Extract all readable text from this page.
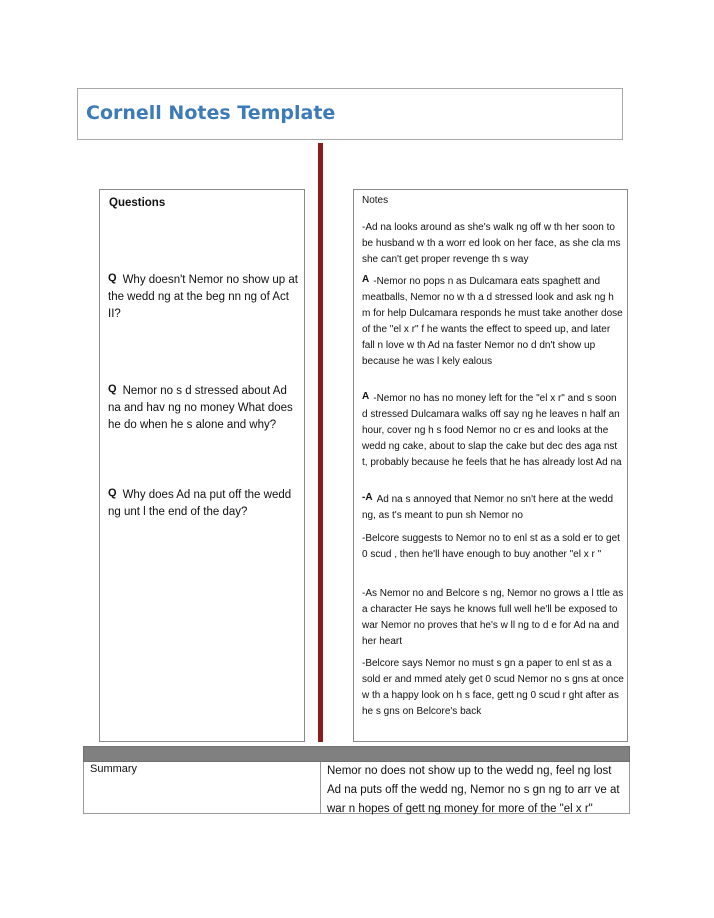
Cornell Notes Template
Questions
Q Why doesn't Nemor no show up at the wedd ng at the beg nn ng of Act II?
Q Nemor no s d stressed about Ad na and hav ng no money What does he do when he s alone and why?
Q Why does Ad na put off the wedd ng unt l the end of the day?
Notes
-Ad na looks around as she's walk ng off w th her soon to be husband w th a worr ed look on her face, as she cla ms she can't get proper revenge th s way
A -Nemor no pops n as Dulcamara eats spaghett and meatballs, Nemor no w th a d stressed look and ask ng h m for help Dulcamara responds he must take another dose of the "el x r" f he wants the effect to speed up, and later fall n love w th Ad na faster Nemor no d dn't show up because he was l kely ealous
A -Nemor no has no money left for the "el x r" and s soon d stressed Dulcamara walks off say ng he leaves n half an hour, cover ng h s food Nemor no cr es and looks at the wedd ng cake, about to slap the cake but dec des aga nst t, probably because he feels that he has already lost Ad na
-A Ad na s annoyed that Nemor no sn't here at the wedd ng, as t's meant to pun sh Nemor no
-Belcore suggests to Nemor no to enl st as a sold er to get 0 scud , then he'll have enough to buy another "el x r "
-As Nemor no and Belcore s ng, Nemor no grows a l ttle as a character He says he knows full well he'll be exposed to war Nemor no proves that he's w ll ng to d e for Ad na and her heart
-Belcore says Nemor no must s gn a paper to enl st as a sold er and mmed ately get 0 scud Nemor no s gns at once w th a happy look on h s face, gett ng 0 scud r ght after as he s gns on Belcore's back
Summary	Nemor no does not show up to the wedd ng, feel ng lost Ad na puts off the wedd ng, Nemor no s gn ng to arr ve at war n hopes of gett ng money for more of the "el x r"
